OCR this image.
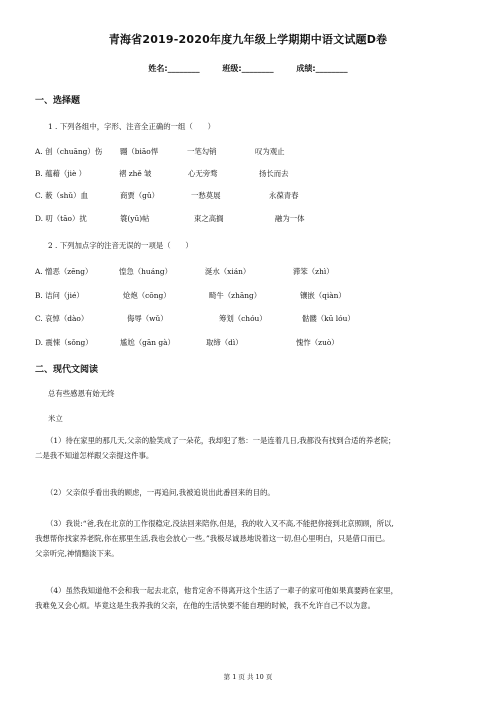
青海省2019-2020年度九年级上学期期中语文试题D卷
姓名:________	班级:________	成绩:________
一、选择题
1 . 下列各组中，字形、注音全正确的一组（　　）
A. 创（chuāng）伤	翾（biāo悍	一笔勾销	叹为观止
B. 蕴藉（jiè ）	褶 zhě 皱	心无旁骛	扬长而去
C. 薮（shǔ）血	商贾（gǔ）	一愁莫展	永葆青春
D. 叨（tāo）扰	簑(yū)帖	束之高搁	融为一体
2 . 下列加点字的注音无误的一项是（　　）
A. 憎恶（zēng）	惶急（huáng）	涎水（xián）	滞笨（zhì）
B. 诘问（jié）	炝炮（cōng）	畸牛（zhāng）	镶嵌（qiàn）
C. 哀悼（dào）	侮辱（wǔ）	筹划（chóu）	骷髅（kū lóu）
D. 震悚（sǒng）	尴尬（gān gà）	取缔（dì）	愧怍（zuò）
二、现代文阅读
总有些感恩有始无终
米立
（1）待在家里的那几天,父亲的脸笑成了一朵花，我却犯了愁：一是连着几日,我都没有找到合适的养老院；
二是我不知道怎样跟父亲提这件事。
（2）父亲似乎看出我的顾虑，一再追问,我被追说出此番回来的目的。
（3）我说:“爸,我在北京的工作很稳定,没法回来陪你,但是，我的收入又不高,不能把你接到北京照顾，所以,
我想帮你找家养老院,你在那里生活,我也会放心一些。”我极尽诚恳地说着这一切,但心里明白，只是借口而已。
父亲听完,神情黯淡下来。
（4）虽然我知道他不会和我一起去北京，他肯定舍不得离开这个生活了一辈子的家可他如果真要跨在家里，
我难免又会心烦。毕竟这是生我养我的父亲，在他的生活快要不能自理的时候，我不允许自己不以为意。
第 1 页 共 10 页
